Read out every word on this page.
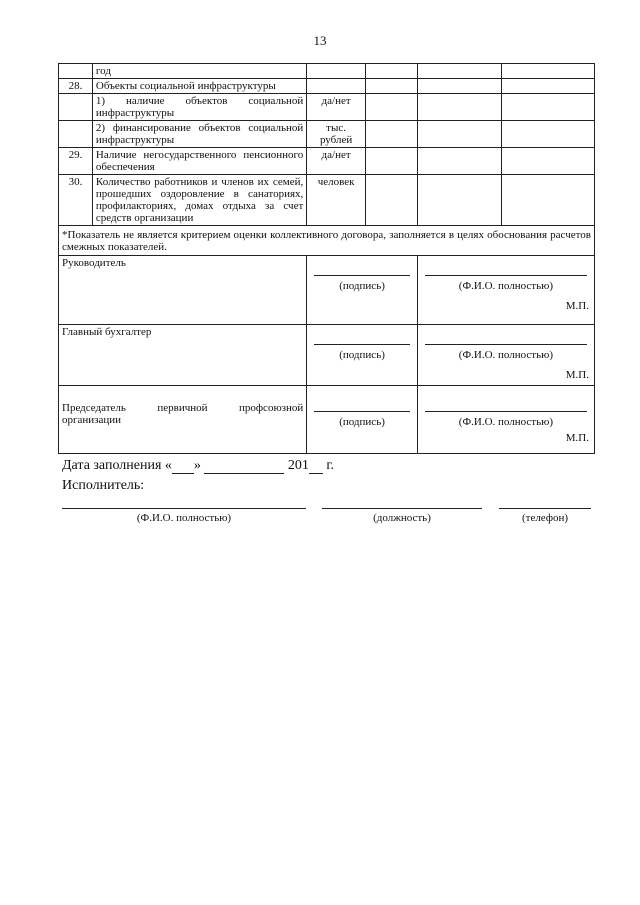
13
	год				
28.	Объекты социальной инфраструктуры				
	1) наличие объектов социальной инфраструктуры	да/нет			
	2) финансирование объектов социальной инфраструктуры	тыс. рублей			
29.	Наличие негосударственного пенсионного обеспечения	да/нет			
30.	Количество работников и членов их семей, прошедших оздоровление в санаториях, профилакториях, домах отдыха за счет средств организации	человек			
*Показатель не является критерием оценки коллективного договора, заполняется в целях обоснования расчетов смежных показателей.					
Руководитель		(подпись)		(Ф.И.О. полностью)
М.П.	

Главный бухгалтер		(подпись)		(Ф.И.О. полностью)
М.П.	

Председатель первичной профсоюзной организации		(подпись)		(Ф.И.О. полностью)
М.П.	
Дата заполнения « »	201 г.
Исполнитель:
(Ф.И.О. полностью)	(должность)	(телефон)
